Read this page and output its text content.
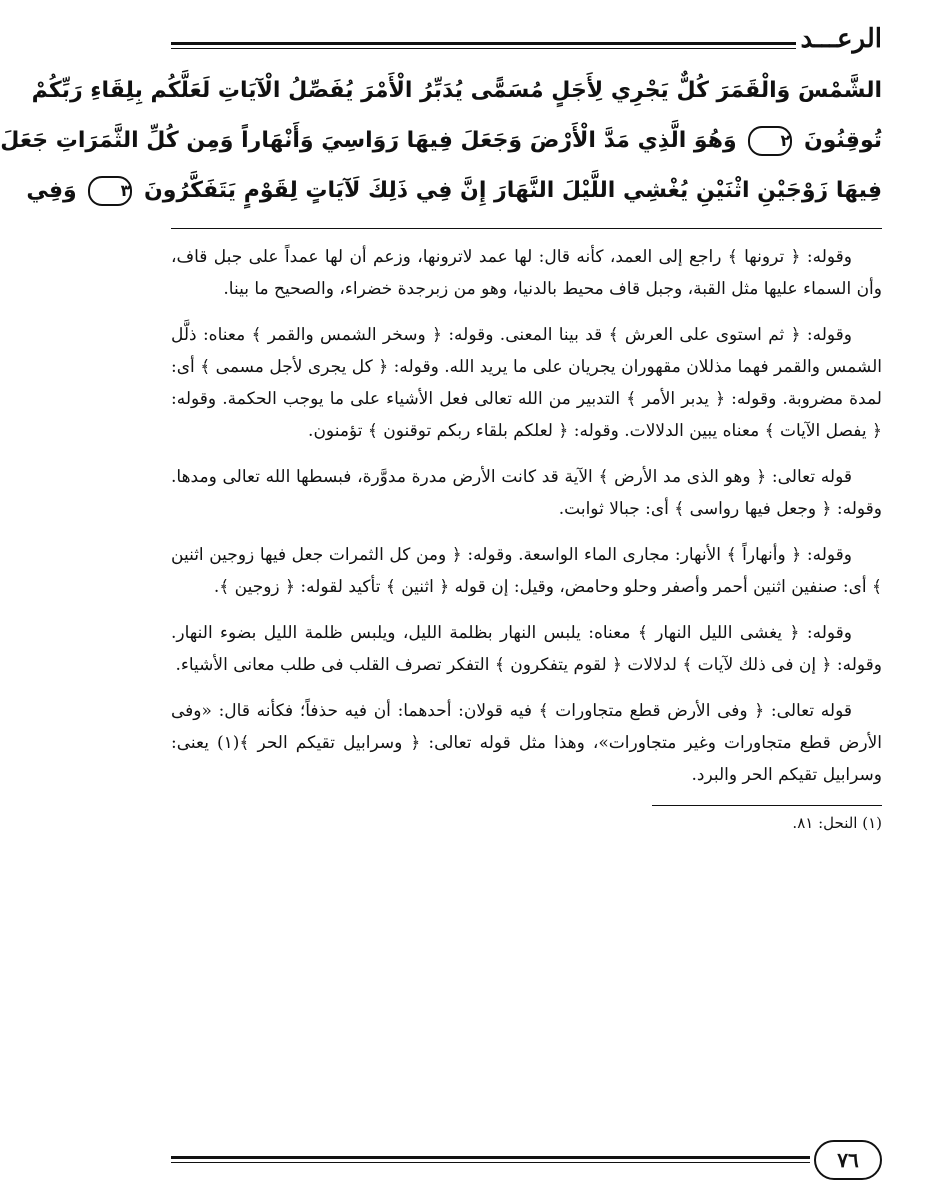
الرعـــد
الشَّمْسَ وَالْقَمَرَ كُلٌّ يَجْرِي لِأَجَلٍ مُسَمًّى يُدَبِّرُ الْأَمْرَ يُفَصِّلُ الْآيَاتِ لَعَلَّكُم بِلِقَاءِ رَبِّكُمْ
تُوقِنُونَ ٢ وَهُوَ الَّذِي مَدَّ الْأَرْضَ وَجَعَلَ فِيهَا رَوَاسِيَ وَأَنْهَاراً وَمِن كُلِّ الثَّمَرَاتِ جَعَلَ
فِيهَا زَوْجَيْنِ اثْنَيْنِ يُغْشِي اللَّيْلَ النَّهَارَ إِنَّ فِي ذَلِكَ لَآيَاتٍ لِقَوْمٍ يَتَفَكَّرُونَ ٣ وَفِي

وقوله: ﴿ ترونها ﴾ راجع إلى العمد، كأنه قال: لها عمد لاترونها، وزعم أن لها عمداً على جبل قاف، وأن السماء عليها مثل القبة، وجبل قاف محيط بالدنيا، وهو من زبرجدة خضراء، والصحيح ما بينا.

وقوله: ﴿ ثم استوى على العرش ﴾ قد بينا المعنى. وقوله: ﴿ وسخر الشمس والقمر ﴾ معناه: ذلَّل الشمس والقمر فهما مذللان مقهوران يجريان على ما يريد الله. وقوله: ﴿ كل يجرى لأجل مسمى ﴾ أى: لمدة مضروبة. وقوله: ﴿ يدبر الأمر ﴾ التدبير من الله تعالى فعل الأشياء على ما يوجب الحكمة. وقوله: ﴿ يفصل الآيات ﴾ معناه يبين الدلالات. وقوله: ﴿ لعلكم بلقاء ربكم توقنون ﴾ تؤمنون.

قوله تعالى: ﴿ وهو الذى مد الأرض ﴾ الآية قد كانت الأرض مدرة مدوَّرة، فبسطها الله تعالى ومدها. وقوله: ﴿ وجعل فيها رواسى ﴾ أى: جبالا ثوابت.

وقوله: ﴿ وأنهاراً ﴾ الأنهار: مجارى الماء الواسعة. وقوله: ﴿ ومن كل الثمرات جعل فيها زوجين اثنين ﴾ أى: صنفين اثنين أحمر وأصفر وحلو وحامض، وقيل: إن قوله ﴿ اثنين ﴾ تأكيد لقوله: ﴿ زوجين ﴾.

وقوله: ﴿ يغشى الليل النهار ﴾ معناه: يلبس النهار بظلمة الليل، ويلبس ظلمة الليل بضوء النهار. وقوله: ﴿ إن فى ذلك لآيات ﴾ لدلالات ﴿ لقوم يتفكرون ﴾ التفكر تصرف القلب فى طلب معانى الأشياء.

قوله تعالى: ﴿ وفى الأرض قطع متجاورات ﴾ فيه قولان: أحدهما: أن فيه حذفاً؛ فكأنه قال: «وفى الأرض قطع متجاورات وغير متجاورات»، وهذا مثل قوله تعالى: ﴿ وسرابيل تقيكم الحر ﴾(١) يعنى: وسرابيل تقيكم الحر والبرد.

(١) النحل: ٨١.
٧٦
